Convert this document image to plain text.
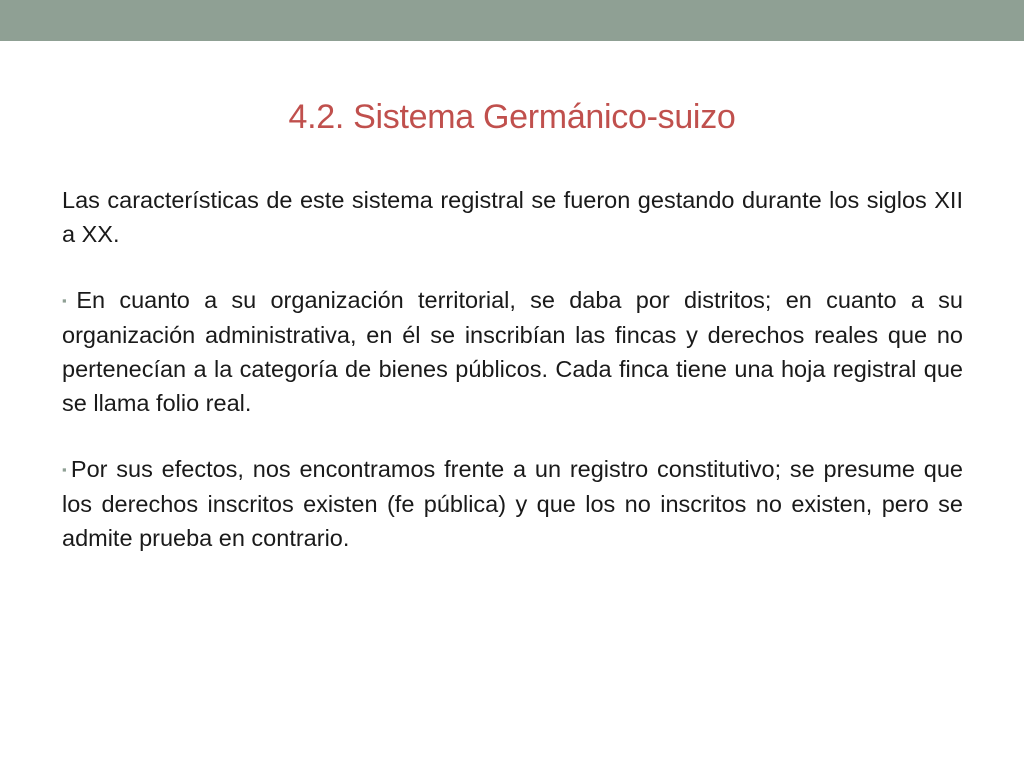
4.2. Sistema Germánico-suizo

Las características de este sistema registral se fueron gestando durante los siglos XII a XX.

▪En cuanto a su organización territorial, se daba por distritos; en cuanto a su organización administrativa, en él se inscribían las fincas y derechos reales que no pertenecían a la categoría de bienes públicos. Cada finca tiene una hoja registral que se llama folio real.

▪Por sus efectos, nos encontramos frente a un registro constitutivo; se presume que los derechos inscritos existen (fe pública) y que los no inscritos no existen, pero se admite prueba en contrario.
